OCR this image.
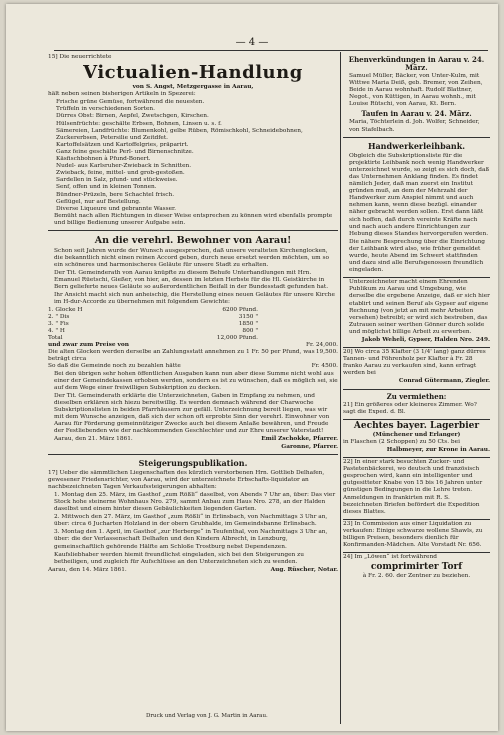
— 4 —

15] Die neuerrichtete

Victualien-Handlung
von S. Angst, Metzgergasse in Aarau,

hält neben seinen bisherigen Artikeln in Spezerei:

Frische grüne Gemüse, fortwährend die neuesten.
Trüffeln in verschiedenen Sorten.
Dürres Obst: Birnen, Aepfel, Zwetschgen, Kirschen.
Hülsenfrüchte: geschälte Erbsen, Bohnen, Linsen u. s. f.
Sämereien, Landfrüchte: Blumenkohl, gelbe Rüben, Römischkohl, Schneidebohnen, Zuckererbsen, Petersilie und Zeitdfet.
Kartoffelsätzen und Kartoffelgries, präparirt.
Ganz feine geschälte Perl- und Birnenschnitze.
Käsfischbohnen à Pfund-Bonert.
Nudel- aus Karlsruher-Zwieback in Schnitten.
Zwieback, feine, mittel- und grob-gestoßen.
Sardellen in Salz, pfund- und stückweise.
Senf, offen und in kleinen Tonnen.
Bündner-Prüzeln, bere Schachtel frisch.
Geflügel, nur auf Bestellung.
Diverse Liqueure und gebrannte Wasser.

Bemüht nach allen Richtungen in dieser Weise entsprechen zu können wird ebenfalls prompte und billige Bedienung unserer Aufgabe sein.

An die verehrl. Bewohner von Aarau!

Schon seit Jahren wurde der Wunsch ausgesprochen, daß unsere veralteten Kirchenglocken, die bekanntlich nicht einen reinen Accord geben, durch neue ersetzt werden möchten, um so ein schöneres und harmonischeres Geläute für unsere Stadt zu erhalten.

Der Tit. Gemeinderath von Aarau knüpfte zu diesem Behufe Unterhandlungen mit Hrn. Emanuel Rüetschi, Gießer, von hier, an, dessen im letzten Herbste für die Hl. Geistkirche in Bern gelieferte neues Geläute so außerordentlichen Beifall in der Bundesstadt gefunden hat. Ihr Ansicht macht sich nun anheischig, die Herstellung eines neuen Geläutes für unsere Kirche im H-dur-Accorde zu übernehmen mit folgendem Gewichte:

1. Glocke H	6200 Pfund.
2. " Dis	3150 "
3. " Fis	1850 "
4. " H	800 "
Total	12,000 Pfund.
und zwar zum Preise von	Fr. 24,000.
Die alten Glocken werden derselbe an Zahlungsstatt annehmen zu 1 Fr. 50 per Pfund, was beträgt circa
19,500.
So daß die Gemeinde noch zu bezahlen hätte	Fr. 4500.

Bei den übrigen sehr hohen öffentlichen Ausgaben kann nun aber diese Summe nicht wohl aus einer der Gemeindekassen erhoben werden, sondern es ist zu wünschen, daß es möglich sei, sie auf dem Wege einer freiwilligen Subskription zu decken.

Der Tit. Gemeinderath erklärte die Unterzeichneten, Gaben in Empfang zu nehmen, und dieselben erklären sich hiezu bereitwillig. Es werden demnach während der Charwoche Subskriptionslisten in beiden Pfarrhäusern zur gefäll. Unterzeichnung bereit liegen, was wir mit dem Wunsche anzeigen, daß sich der schon oft erprobte Sinn der verehrl. Einwohner von Aarau für Förderung gemeinnütziger Zwecke auch bei diesem Anlaße bewähren, und Freude der Festliebenden wie der nachkommenden Geschlechter und zur Ehre unserer Vaterstadt!

Aarau, den 21. März 1861.	Emil Zschokke, Pfarrer.
Garonne, Pfarrer.
Steigerungspublikation.

17] Ueber die sämmtlichen Liegenschaften des kürzlich verstorbenen Hrn. Gottlieb Delhafen, gewesener Friedensrichter, von Aarau, wird der unterzeichnete Erbschafts-liquidator an nachbezeichneten Tagen Verkaufssteigerungen abhalten:

1. Montag den 25. März, im Gasthof „zum Rößli“ daselbst, von Abends 7 Uhr an, über: Das vier Stock hohe steinerne Wohnhaus Nro. 279, sammt Anbau zum Haus Nro. 278, an der Halden daselbst und einem hinter diesen Gebäulichkeiten liegenden Garten.

2. Mittwoch den 27. März, im Gasthof „zum Rößli“ in Erlinsbach, von Nachmittags 3 Uhr an, über: circa 6 Jucharten Holzland in der obern Grubhalde, im Gemeindsbanne Erlinsbach.

3. Montag den 1. April, im Gasthof „zur Herberge“ in Teufenthal, von Nachmittags 3 Uhr an, über: die der Verlassenschaft Delhafen und den Kindern Albrecht, in Lenzburg, gemeinschaftlich gehörende Hälfte am Schloße Trostburg nebst Dependenzen.

Kaufsliebhaber werden hiemit freundlichst eingeladen, sich bei den Steigerungen zu betheiligen, und zugleich für Aufschlüsse an den Unterzeichneten sich zu wenden.

Aarau, den 14. März 1861.	Aug. Rüscher, Notar.
Ehenverkündungen in Aarau v. 24. März.

Samuel Müller, Bäcker, von Unter-Kulm, mit Wittwe Maria Deiß, geb. Bremer, von Zeihen, Beide in Aarau wohnhaft. Rudolf Blattner, Negot., von Küttigen, in Aarau wohnh., mit Louise Rütschi, von Aarau, Kt. Bern.

Taufen in Aarau v. 24. März.

Maria, Töchterlein d. Joh. Wolfer, Schneider, von Stafelbach.

Handwerkerleihbank.

Obgleich die Subskriptionsliste für die projektirte Leihbank noch wenig Handwerker unterzeichnet wurde, so zeigt es sich doch, daß das Unternehmen Anklang finden. Es findet nämlich Jeder, daß man zuerst ein Institut gründen muß, an dem der Mehrzahl der Handwerker zum Anspiel nimmt und auch nehmen kann, wenn diese bezügl. einander näher gebracht werden sollen. Erst dann läßt sich hoffen, daß durch vereinte Kräfte nach und nach auch andere Einrichtungen zur Hebung dieses Standes hervorgerufen werden.

Die nähere Besprechung über die Einrichtung der Leihbank wird also, wie früher gemeldet wurde, heute Abend im Schwert stattfinden und dazu sind alle Berufsgenossen freundlich eingeladen.

Unterzeichneter macht einem Ehrenden Publikum zu Aarau und Umgebung, wie derselbe die ergebene Anzeige, daß er sich hier etablirt und seinen Beruf als Gypser auf eigene Rechnung (von jetzt an mit mehr Arbeiten versehen) betreibt; er wird sich bestreben, das Zutrauen seiner werthen Gönner durch solide und möglichst billige Arbeit zu erwerben.

Jakob Weheli, Gypser, Halden Nro. 249.

20] Wo circa 35 Klafter (3 1/4' lang) ganz dürres Tannen- und Föhrenholz per Klafter à Fr. 28 franko Aarau zu verkaufen sind, kann erfragt werden bei

Conrad Gütermann, Ziegler.
Zu vermiethen:

21] Ein größeres oder kleineres Zimmer. Wo? sagt die Exped. d. Bl.

Aechtes bayer. Lagerbier
(Münchener und Erlanger)

in Flaschen (2 Schoppen) zu 50 Cts. bei

Halbmeyer, zur Krone in Aarau.

22] In einer stark besuchten Zucker- und Pastetenbäckerei, wo deutsch und französisch gesprochen wird, kann ein intelligenter und gutgesitteter Knabe von 15 bis 16 Jahren unter günstigen Bedingungen in die Lehre treten. Anmeldungen in frankirten mit R. S. bezeichneten Briefen befördert die Expedition dieses Blattes.

23] In Commission aus einer Liquidation zu verkaufen: Einige schwarze wollene Shawls, zu billigen Preisen, besonders dienlich für Konfirmanden-Mädchen. Alte Vorstadt Nr. 656.

24] Im „Löwen“ ist fortwährend

comprimirter Torf

à Fr. 2. 60. der Zentner zu beziehen.

Druck und Verlag von J. G. Martin in Aarau.
